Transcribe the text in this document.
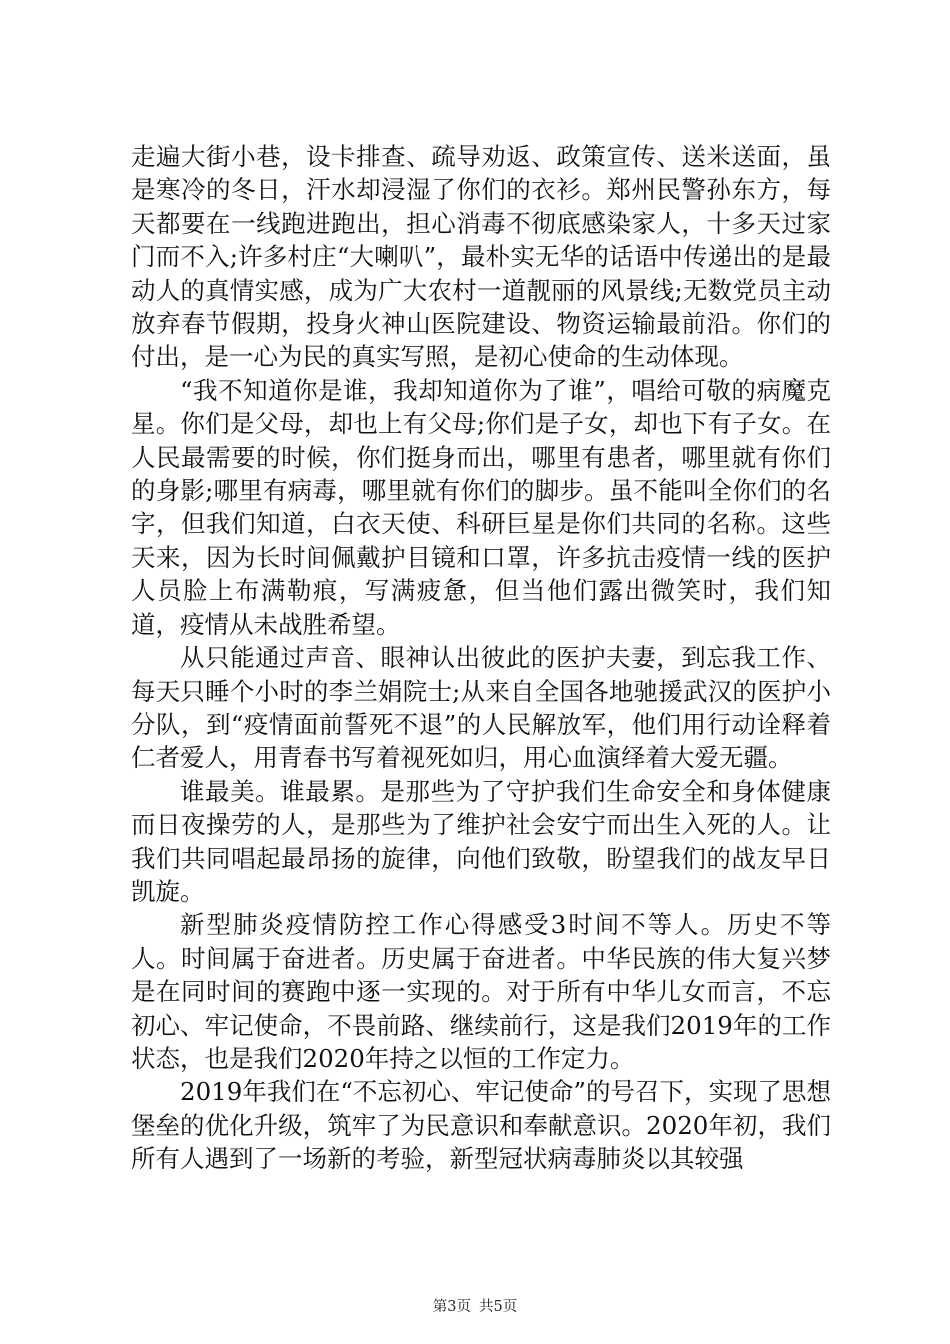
走遍大街小巷，设卡排查、疏导劝返、政策宣传、送米送面，虽是寒冷的冬日，汗水却浸湿了你们的衣衫。郑州民警孙东方，每天都要在一线跑进跑出，担心消毒不彻底感染家人，十多天过家门而不入;许多村庄“大喇叭”，最朴实无华的话语中传递出的是最动人的真情实感，成为广大农村一道靓丽的风景线;无数党员主动放弃春节假期，投身火神山医院建设、物资运输最前沿。你们的付出，是一心为民的真实写照，是初心使命的生动体现。

“我不知道你是谁，我却知道你为了谁”，唱给可敬的病魔克星。你们是父母，却也上有父母;你们是子女，却也下有子女。在人民最需要的时候，你们挺身而出，哪里有患者，哪里就有你们的身影;哪里有病毒，哪里就有你们的脚步。虽不能叫全你们的名字，但我们知道，白衣天使、科研巨星是你们共同的名称。这些天来，因为长时间佩戴护目镜和口罩，许多抗击疫情一线的医护人员脸上布满勒痕，写满疲惫，但当他们露出微笑时，我们知道，疫情从未战胜希望。

从只能通过声音、眼神认出彼此的医护夫妻，到忘我工作、每天只睡个小时的李兰娟院士;从来自全国各地驰援武汉的医护小分队，到“疫情面前誓死不退”的人民解放军，他们用行动诠释着仁者爱人，用青春书写着视死如归，用心血演绎着大爱无疆。

谁最美。谁最累。是那些为了守护我们生命安全和身体健康而日夜操劳的人，是那些为了维护社会安宁而出生入死的人。让我们共同唱起最昂扬的旋律，向他们致敬，盼望我们的战友早日凯旋。

新型肺炎疫情防控工作心得感受3时间不等人。历史不等人。时间属于奋进者。历史属于奋进者。中华民族的伟大复兴梦是在同时间的赛跑中逐一实现的。对于所有中华儿女而言，不忘初心、牢记使命，不畏前路、继续前行，这是我们2019年的工作状态，也是我们2020年持之以恒的工作定力。

2019年我们在“不忘初心、牢记使命”的号召下，实现了思想堡垒的优化升级，筑牢了为民意识和奉献意识。2020年初，我们所有人遇到了一场新的考验，新型冠状病毒肺炎以其较强

第3页 共5页
